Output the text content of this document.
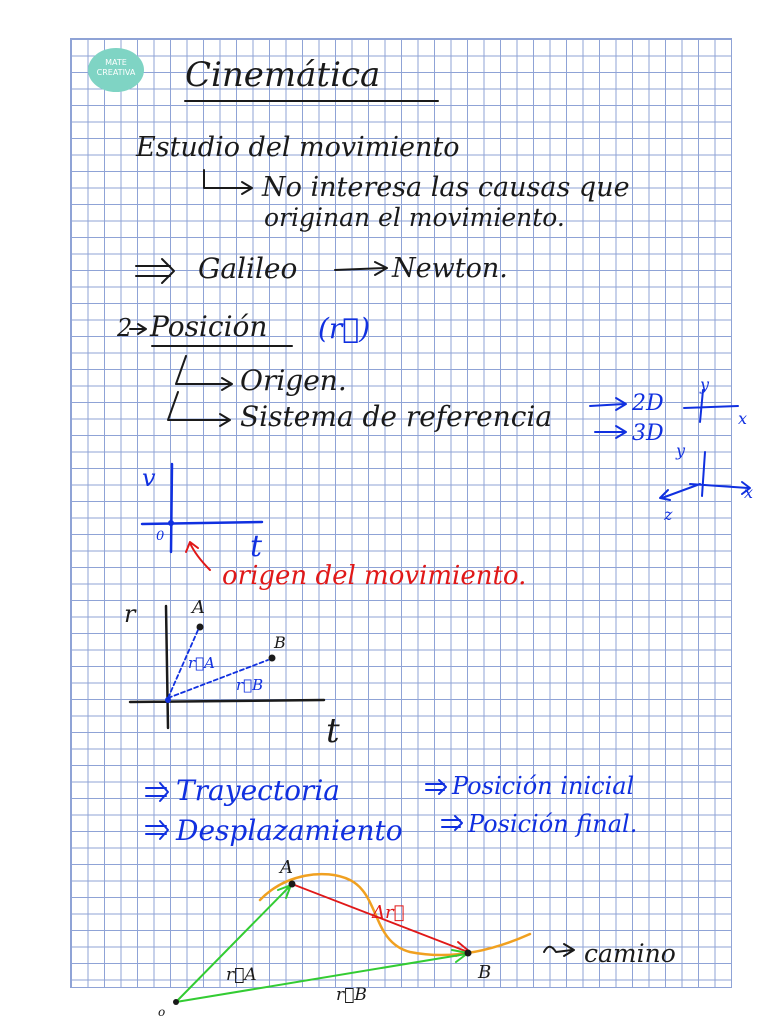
MATE
CREATIVA Cinemática
Estudio del movimiento
No interesa las causas que
originan el movimiento.
Galileo	Newton.
2 Posición (r⃗)
Origen.
Sistema de referencia	2D
3D
y
x
y
x
z
v
0	t
origen del movimiento.
r
t
A
B
r⃗A
r⃗B
Trayectoria
Desplazamiento
Posición inicial
Posición final.
A
B
o
Δr⃗
r⃗A
r⃗B
camino
